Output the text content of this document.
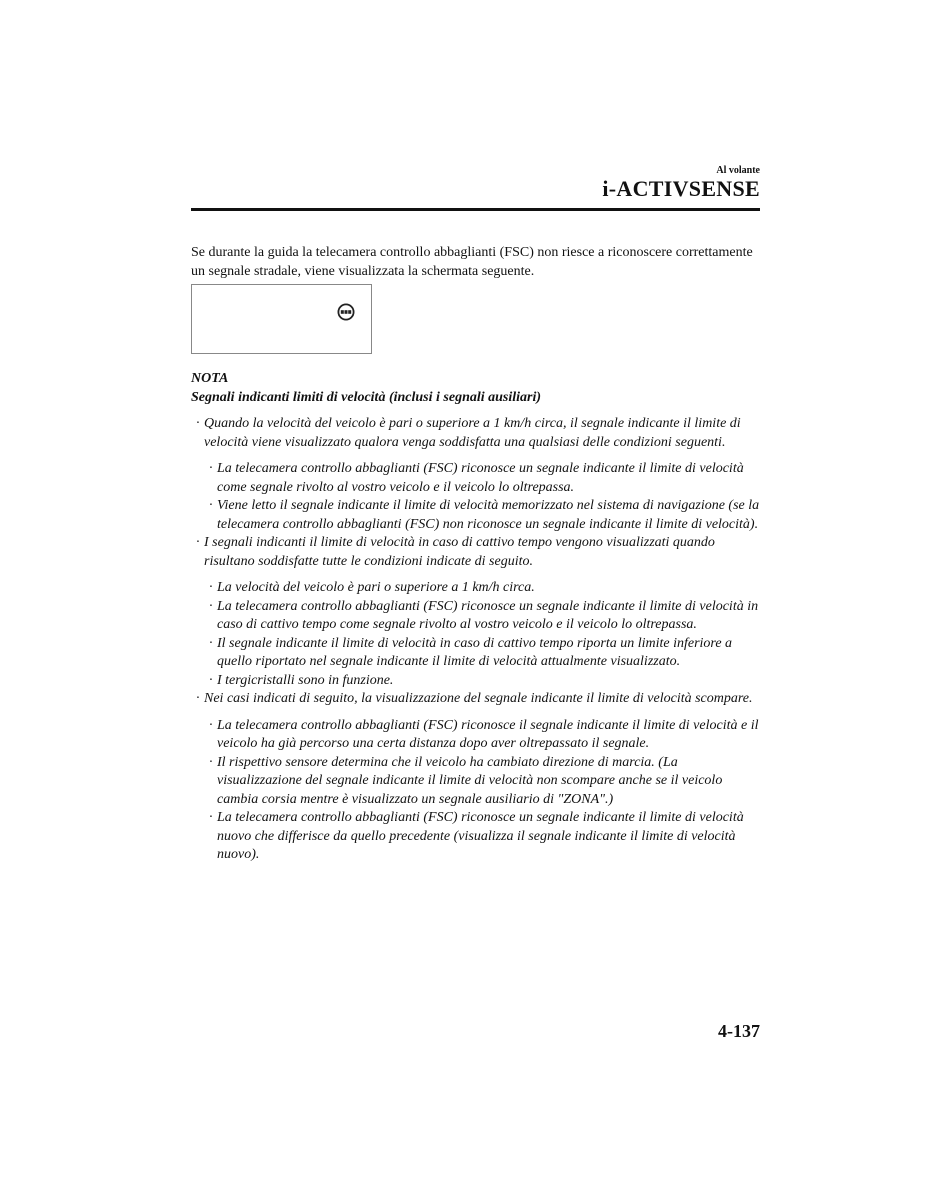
Al volante
i-ACTIVSENSE
Se durante la guida la telecamera controllo abbaglianti (FSC) non riesce a riconoscere correttamente un segnale stradale, viene visualizzata la schermata seguente.
NOTA
Segnali indicanti limiti di velocità (inclusi i segnali ausiliari)
· Quando la velocità del veicolo è pari o superiore a 1 km/h circa, il segnale indicante il limite di velocità viene visualizzato qualora venga soddisfatta una qualsiasi delle condizioni seguenti.
· La telecamera controllo abbaglianti (FSC) riconosce un segnale indicante il limite di velocità come segnale rivolto al vostro veicolo e il veicolo lo oltrepassa.
· Viene letto il segnale indicante il limite di velocità memorizzato nel sistema di navigazione (se la telecamera controllo abbaglianti (FSC) non riconosce un segnale indicante il limite di velocità).
· I segnali indicanti il limite di velocità in caso di cattivo tempo vengono visualizzati quando risultano soddisfatte tutte le condizioni indicate di seguito.
· La velocità del veicolo è pari o superiore a 1 km/h circa.
· La telecamera controllo abbaglianti (FSC) riconosce un segnale indicante il limite di velocità in caso di cattivo tempo come segnale rivolto al vostro veicolo e il veicolo lo oltrepassa.
· Il segnale indicante il limite di velocità in caso di cattivo tempo riporta un limite inferiore a quello riportato nel segnale indicante il limite di velocità attualmente visualizzato.
· I tergicristalli sono in funzione.
· Nei casi indicati di seguito, la visualizzazione del segnale indicante il limite di velocità scompare.
· La telecamera controllo abbaglianti (FSC) riconosce il segnale indicante il limite di velocità e il veicolo ha già percorso una certa distanza dopo aver oltrepassato il segnale.
· Il rispettivo sensore determina che il veicolo ha cambiato direzione di marcia. (La visualizzazione del segnale indicante il limite di velocità non scompare anche se il veicolo cambia corsia mentre è visualizzato un segnale ausiliario di "ZONA".)
· La telecamera controllo abbaglianti (FSC) riconosce un segnale indicante il limite di velocità nuovo che differisce da quello precedente (visualizza il segnale indicante il limite di velocità nuovo).
4-137
